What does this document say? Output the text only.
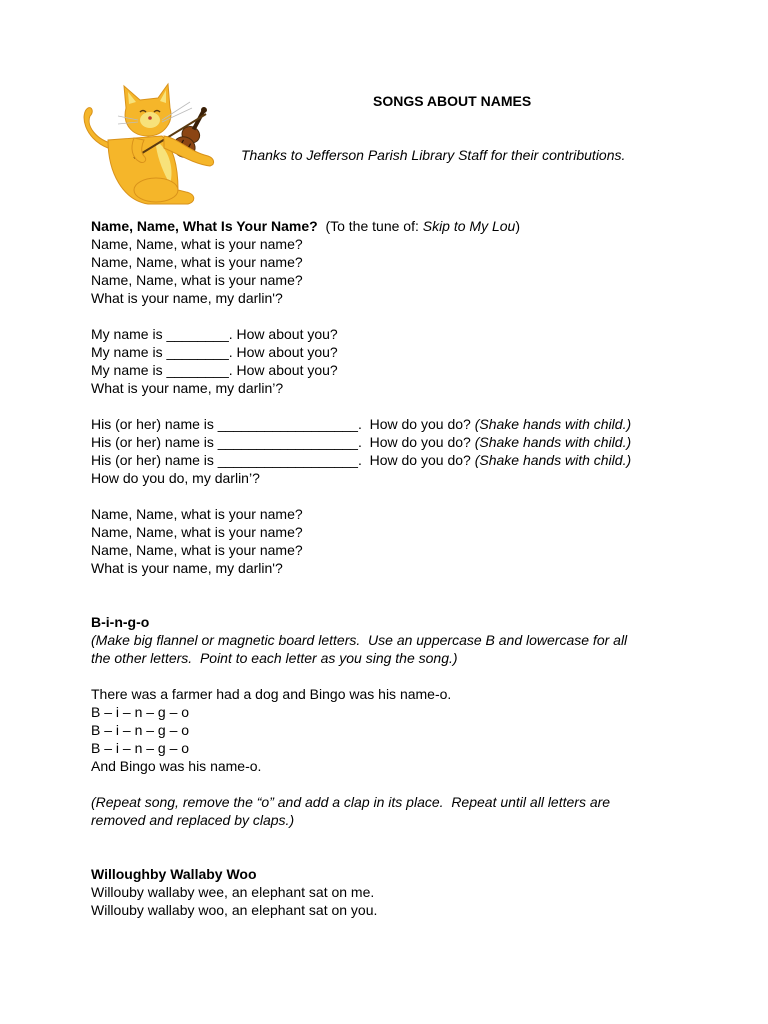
SONGS ABOUT NAMES
Thanks to Jefferson Parish Library Staff for their contributions.
Name, Name, What Is Your Name?  (To the tune of: Skip to My Lou)
Name, Name, what is your name?
Name, Name, what is your name?
Name, Name, what is your name?
What is your name, my darlin'?
My name is ________. How about you?
My name is ________. How about you?
My name is ________. How about you?
What is your name, my darlin’?
His (or her) name is __________________.  How do you do? (Shake hands with child.)
His (or her) name is __________________.  How do you do? (Shake hands with child.)
His (or her) name is __________________.  How do you do? (Shake hands with child.)
How do you do, my darlin’?
Name, Name, what is your name?
Name, Name, what is your name?
Name, Name, what is your name?
What is your name, my darlin'?
B-i-n-g-o
(Make big flannel or magnetic board letters.  Use an uppercase B and lowercase for all
the other letters.  Point to each letter as you sing the song.)
There was a farmer had a dog and Bingo was his name-o.
B – i – n – g – o
B – i – n – g – o
B – i – n – g – o
And Bingo was his name-o.
(Repeat song, remove the “o” and add a clap in its place.  Repeat until all letters are
removed and replaced by claps.)
Willoughby Wallaby Woo
Willouby wallaby wee, an elephant sat on me.
Willouby wallaby woo, an elephant sat on you.
